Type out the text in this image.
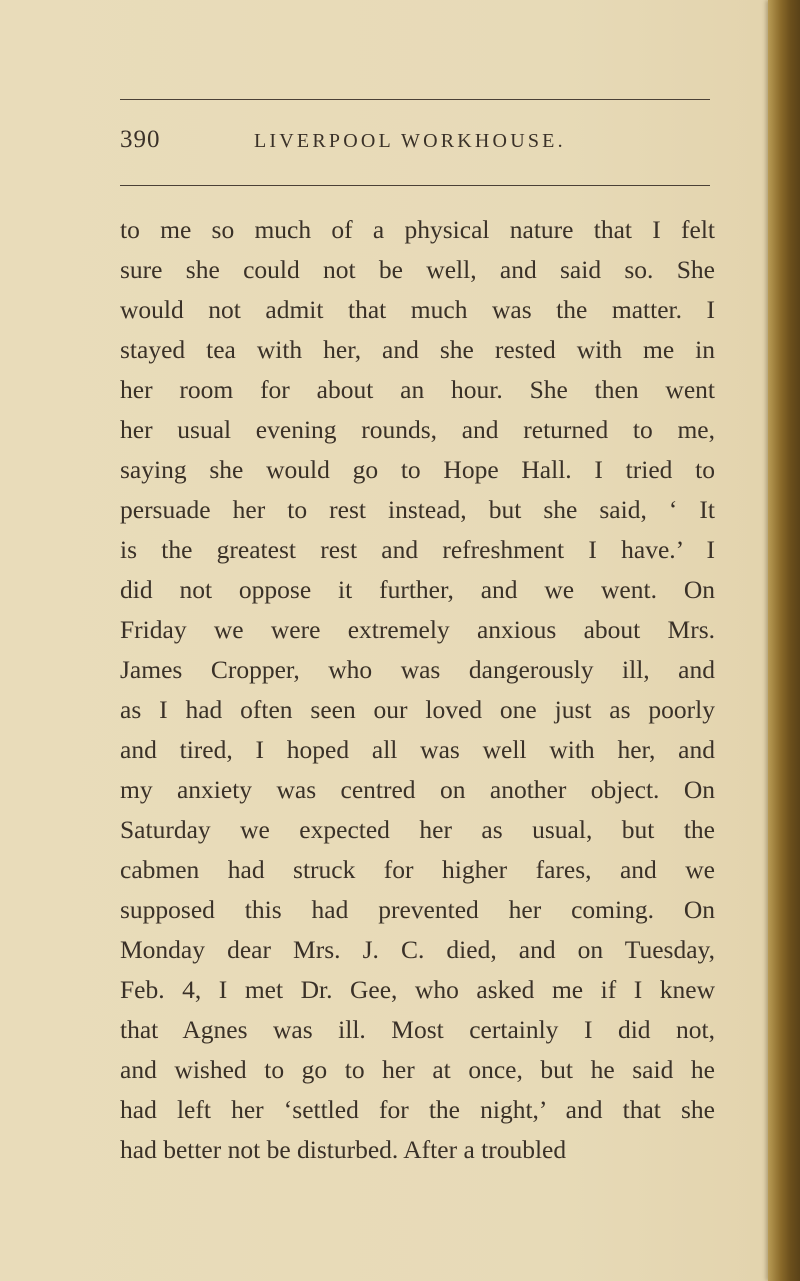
390	LIVERPOOL WORKHOUSE.
to me so much of a physical nature that I felt
sure she could not be well, and said so. She
would not admit that much was the matter. I
stayed tea with her, and she rested with me in
her room for about an hour. She then went
her usual evening rounds, and returned to me,
saying she would go to Hope Hall. I tried to
persuade her to rest instead, but she said, ‘ It
is the greatest rest and refreshment I have.’ I
did not oppose it further, and we went. On
Friday we were extremely anxious about Mrs.
James Cropper, who was dangerously ill, and
as I had often seen our loved one just as poorly
and tired, I hoped all was well with her, and
my anxiety was centred on another object. On
Saturday we expected her as usual, but the
cabmen had struck for higher fares, and we
supposed this had prevented her coming. On
Monday dear Mrs. J. C. died, and on Tuesday,
Feb. 4, I met Dr. Gee, who asked me if I knew
that Agnes was ill. Most certainly I did not,
and wished to go to her at once, but he said he
had left her ‘settled for the night,’ and that she
had better not be disturbed. After a troubled
